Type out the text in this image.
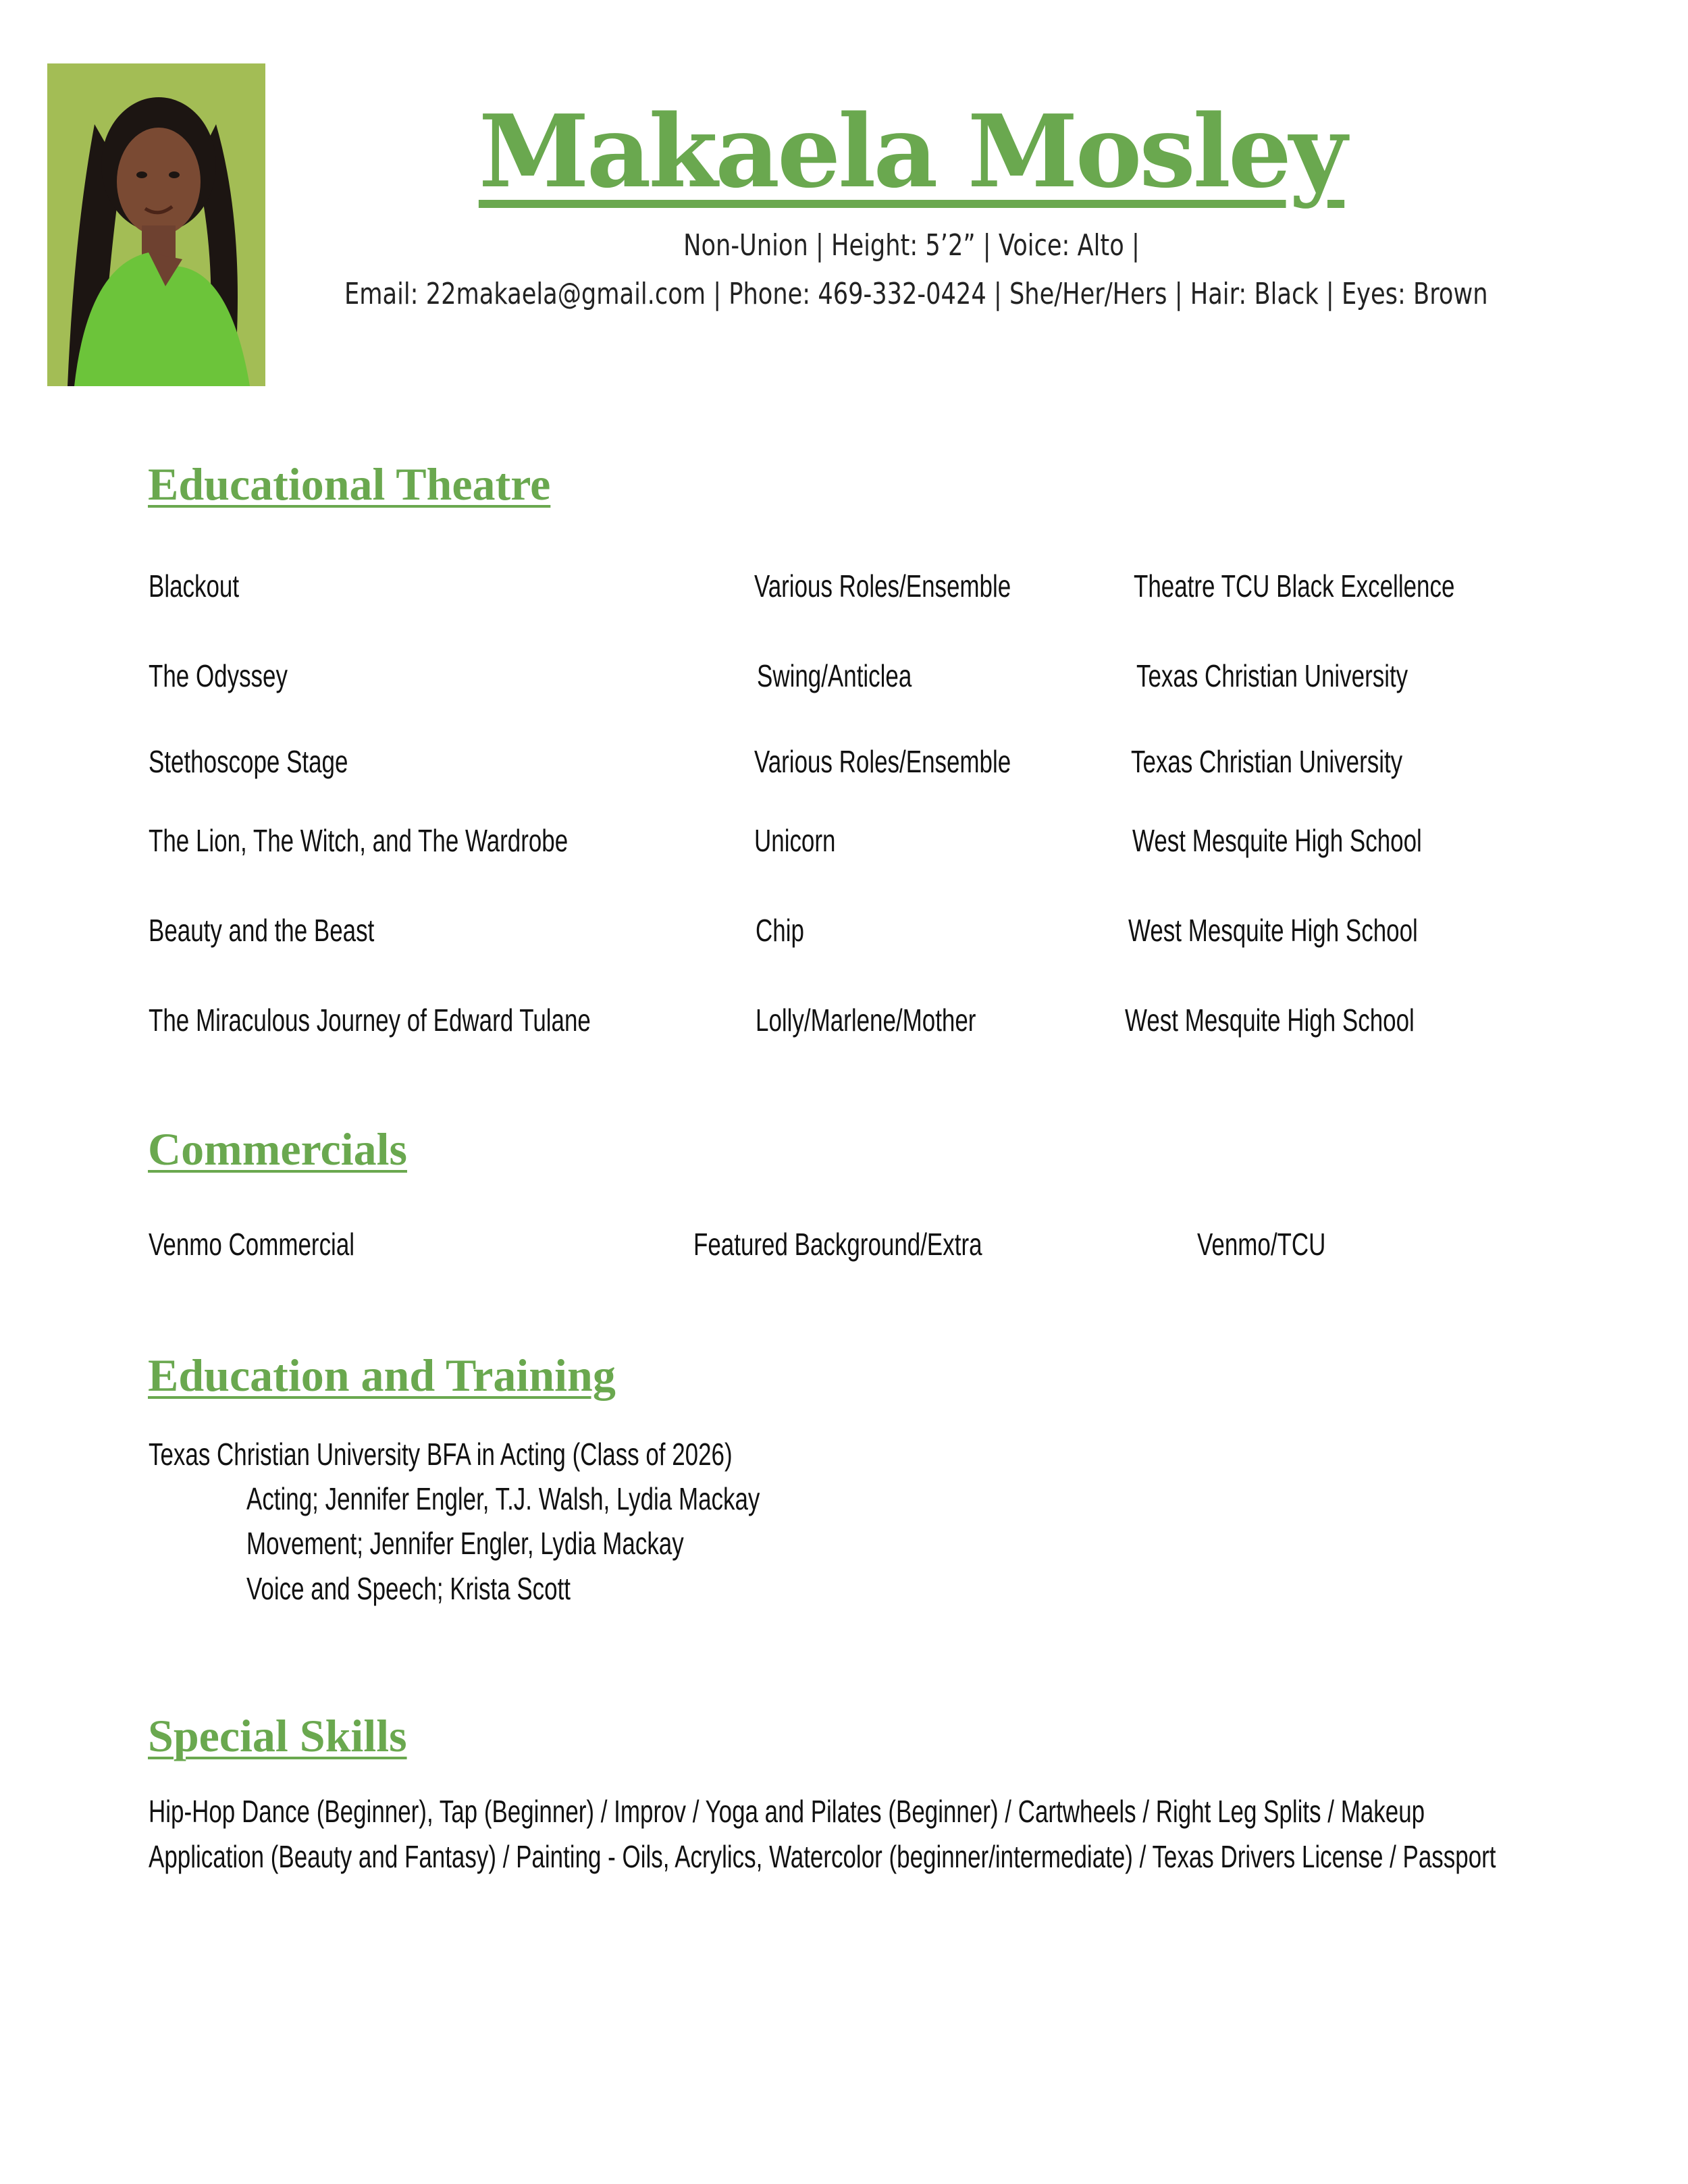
Makaela Mosley
Non-Union | Height: 5’2” | Voice: Alto |
Email: 22makaela@gmail.com | Phone: 469-332-0424 | She/Her/Hers | Hair: Black | Eyes: Brown
Educational Theatre
Blackout	Various Roles/Ensemble	Theatre TCU Black Excellence
The Odyssey	Swing/Anticlea	Texas Christian University
Stethoscope Stage	Various Roles/Ensemble	Texas Christian University
The Lion, The Witch, and The Wardrobe	Unicorn	West Mesquite High School
Beauty and the Beast	Chip	West Mesquite High School
The Miraculous Journey of Edward Tulane	Lolly/Marlene/Mother	West Mesquite High School
Commercials
Venmo Commercial	Featured Background/Extra	Venmo/TCU
Education and Training
Texas Christian University BFA in Acting (Class of 2026)
Acting; Jennifer Engler, T.J. Walsh, Lydia Mackay
Movement; Jennifer Engler, Lydia Mackay
Voice and Speech; Krista Scott
Special Skills
Hip-Hop Dance (Beginner), Tap (Beginner) / Improv / Yoga and Pilates (Beginner) / Cartwheels / Right Leg Splits / Makeup Application (Beauty and Fantasy) / Painting - Oils, Acrylics, Watercolor (beginner/intermediate) / Texas Drivers License / Passport
